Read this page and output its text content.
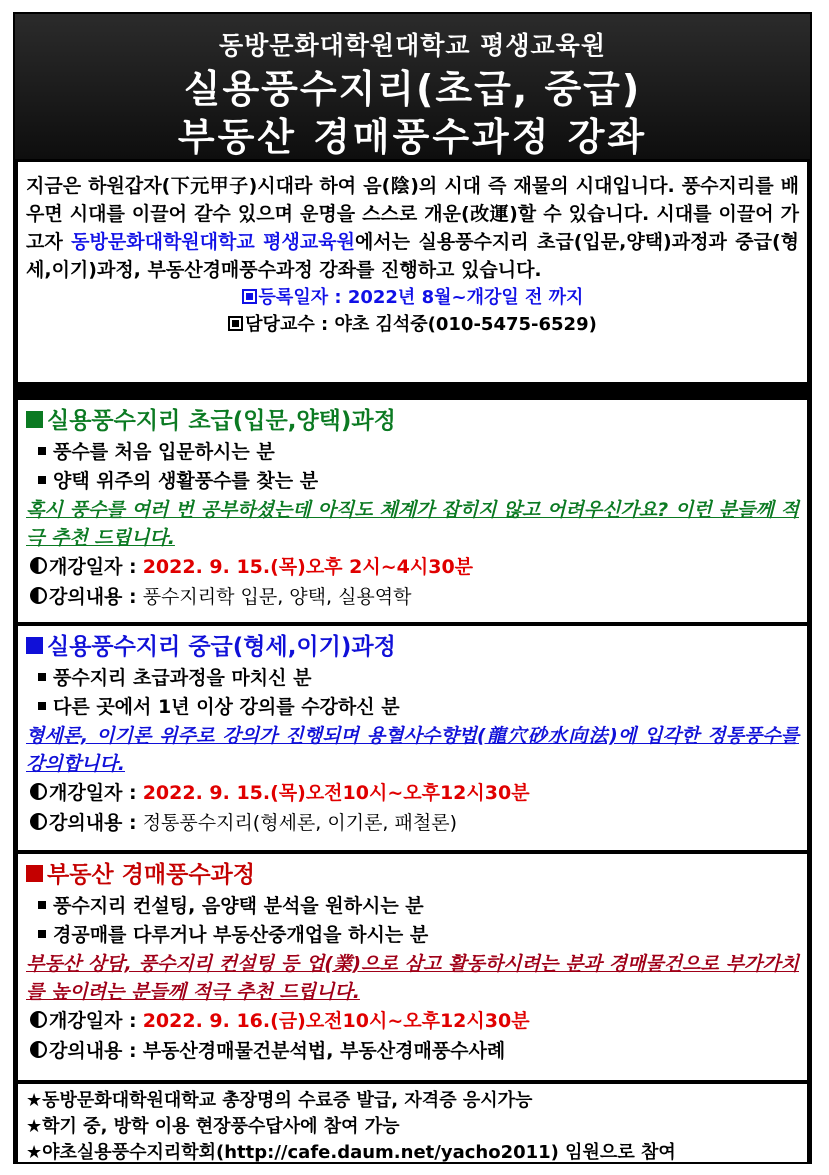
동방문화대학원대학교 평생교육원
실용풍수지리(초급, 중급)
부동산 경매풍수과정 강좌
지금은 하원갑자(下元甲子)시대라 하여 음(陰)의 시대 즉 재물의 시대입니다. 풍수지리를 배우면 시대를 이끌어 갈수 있으며 운명을 스스로 개운(改運)할 수 있습니다. 시대를 이끌어 가고자 동방문화대학원대학교 평생교육원에서는 실용풍수지리 초급(입문,양택)과정과 중급(형세,이기)과정, 부동산경매풍수과정 강좌를 진행하고 있습니다.
등록일자 : 2022년 8월~개강일 전 까지
담당교수 : 야초 김석중(010-5475-6529)
실용풍수지리 초급(입문,양택)과정
풍수를 처음 입문하시는 분
양택 위주의 생활풍수를 찾는 분
혹시 풍수를 여러 번 공부하셨는데 아직도 체계가 잡히지 않고 어려우신가요? 이런 분들께 적극 추천 드립니다.
개강일자 : 2022. 9. 15.(목)오후 2시~4시30분
강의내용 : 풍수지리학 입문, 양택, 실용역학
실용풍수지리 중급(형세,이기)과정
풍수지리 초급과정을 마치신 분
다른 곳에서 1년 이상 강의를 수강하신 분
형세론, 이기론 위주로 강의가 진행되며 용혈사수향법(龍穴砂水向法)에 입각한 정통풍수를 강의합니다.
개강일자 : 2022. 9. 15.(목)오전10시~오후12시30분
강의내용 : 정통풍수지리(형세론, 이기론, 패철론)
부동산 경매풍수과정
풍수지리 컨설팅, 음양택 분석을 원하시는 분
경공매를 다루거나 부동산중개업을 하시는 분
부동산 상담, 풍수지리 컨설팅 등 업(業)으로 삼고 활동하시려는 분과 경매물건으로 부가가치를 높이려는 분들께 적극 추천 드립니다.
개강일자 : 2022. 9. 16.(금)오전10시~오후12시30분
강의내용 : 부동산경매물건분석법, 부동산경매풍수사례
★동방문화대학원대학교 총장명의 수료증 발급, 자격증 응시가능
★학기 중, 방학 이용 현장풍수답사에 참여 가능
★야초실용풍수지리학회(http://cafe.daum.net/yacho2011) 임원으로 참여
